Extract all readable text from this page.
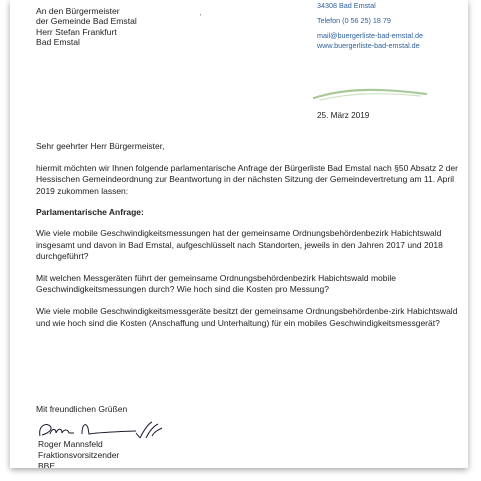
An den Bürgermeister
der Gemeinde Bad Emstal
Herr Stefan Frankfurt
Bad Emstal
'
34308 Bad Emstal
Telefon (0 56 25) 18 79
mail@buergerliste-bad-emstal.de
www.buergerliste-bad-emstal.de
25. März 2019

Sehr geehrter Herr Bürgermeister,

hiermit möchten wir Ihnen folgende parlamentarische Anfrage der Bürgerliste Bad Emstal nach §50 Absatz 2 der Hessischen Gemeindeordnung zur Beantwortung in der nächsten Sitzung der Gemeindevertretung am 11. April 2019 zukommen lassen:

Parlamentarische Anfrage:

Wie viele mobile Geschwindigkeitsmessungen hat der gemeinsame Ordnungsbehördenbezirk Habichtswald insgesamt und davon in Bad Emstal, aufgeschlüsselt nach Standorten, jeweils in den Jahren 2017 und 2018 durchgeführt?

Mit welchen Messgeräten führt der gemeinsame Ordnungsbehördenbezirk Habichtswald mobile Geschwindigkeitsmessungen durch? Wie hoch sind die Kosten pro Messung?

Wie viele mobile Geschwindigkeitsmessgeräte besitzt der gemeinsame Ordnungsbehördenbe-zirk Habichtswald und wie hoch sind die Kosten (Anschaffung und Unterhaltung) für ein mobiles Geschwindigkeitsmessgerät?

Mit freundlichen Grüßen
Roger Mannsfeld
Fraktionsvorsitzender
BBE
